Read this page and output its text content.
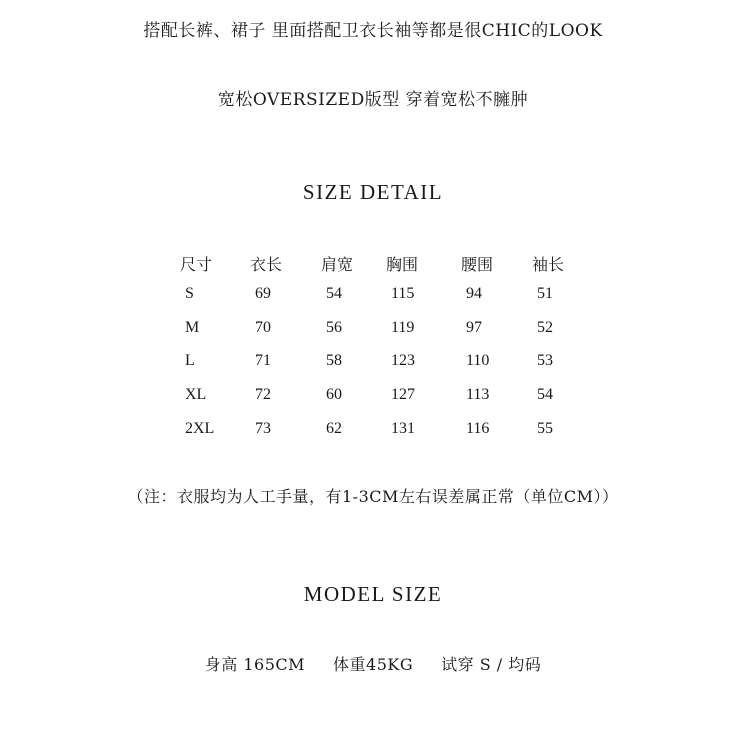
搭配长裤、裙子 里面搭配卫衣长袖等都是很CHIC的LOOK
宽松OVERSIZED版型 穿着宽松不臃肿
SIZE DETAIL
尺寸 衣长 肩宽 胸围	腰围 袖长
S	69	54	115	94	51
M	70	56	119	97	52
L	71	58	123	110	53
XL	72	60	127	113	54
2XL	73	62	131	116	55
（注：衣服均为人工手量，有1-3CM左右误差属正常（单位CM））
MODEL SIZE
身高 165CM 体重45KG 试穿 S / 均码
